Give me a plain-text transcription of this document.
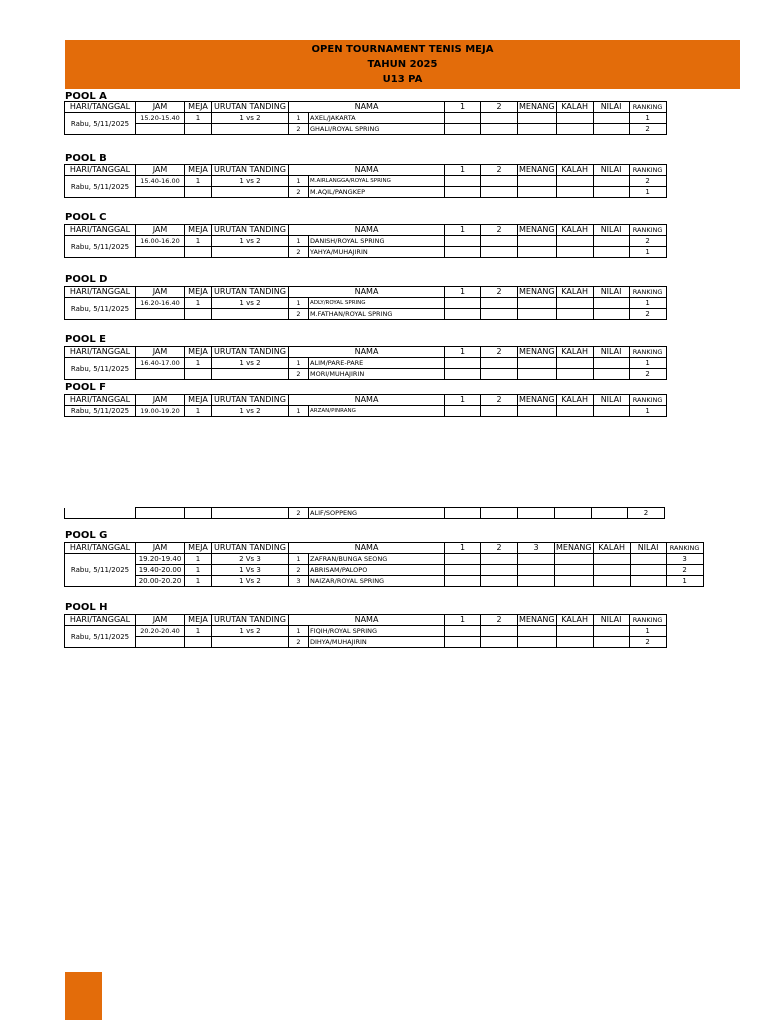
OPEN TOURNAMENT TENIS MEJA
TAHUN 2025
U13 PA
POOL A
HARI/TANGGAL	JAM	MEJA	URUTAN TANDING	NAMA		1	2	MENANG	KALAH	NILAI	RANKING
Rabu, 5/11/2025	15.20-15.40	1	1 vs 2	1	AXEL/JAKARTA						1
				2	GHALI/ROYAL SPRING						2
POOL B
HARI/TANGGAL	JAM	MEJA	URUTAN TANDING	NAMA		1	2	MENANG	KALAH	NILAI	RANKING
Rabu, 5/11/2025	15.40-16.00	1	1 vs 2	1	M.AIRLANGGA/ROYAL SPRING						2
				2	M.AQIL/PANGKEP						1
POOL C
HARI/TANGGAL	JAM	MEJA	URUTAN TANDING	NAMA		1	2	MENANG	KALAH	NILAI	RANKING
Rabu, 5/11/2025	16.00-16.20	1	1 vs 2	1	DANISH/ROYAL SPRING						2
				2	YAHYA/MUHAJIRIN						1
POOL D
HARI/TANGGAL	JAM	MEJA	URUTAN TANDING	NAMA		1	2	MENANG	KALAH	NILAI	RANKING
Rabu, 5/11/2025	16.20-16.40	1	1 vs 2	1	ADLY/ROYAL SPRING						1
				2	M.FATHAN/ROYAL SPRING						2
POOL E
HARI/TANGGAL	JAM	MEJA	URUTAN TANDING	NAMA		1	2	MENANG	KALAH	NILAI	RANKING
Rabu, 5/11/2025	16.40-17.00	1	1 vs 2	1	ALIM/PARE-PARE						1
				2	MORI/MUHAJIRIN						2
POOL F
HARI/TANGGAL	JAM	MEJA	URUTAN TANDING	NAMA		1	2	MENANG	KALAH	NILAI	RANKING
Rabu, 5/11/2025	19.00-19.20	1	1 vs 2	1	ARZAN/PINRANG						1
				2	ALIF/SOPPENG						2
POOL G
HARI/TANGGAL	JAM	MEJA	URUTAN TANDING	NAMA		1	2	3	MENANG	KALAH	NILAI	RANKING
Rabu, 5/11/2025	19.20-19.40	1	2 Vs 3	1	ZAFRAN/BUNGA SEONG							3
	19.40-20.00	1	1 Vs 3	2	ABRISAM/PALOPO							2
	20.00-20.20	1	1 Vs 2	3	NAIZAR/ROYAL SPRING							1
POOL H
HARI/TANGGAL	JAM	MEJA	URUTAN TANDING	NAMA		1	2	MENANG	KALAH	NILAI	RANKING
Rabu, 5/11/2025	20.20-20.40	1	1 vs 2	1	FIQIH/ROYAL SPRING						1
				2	DIHYA/MUHAJIRIN						2
